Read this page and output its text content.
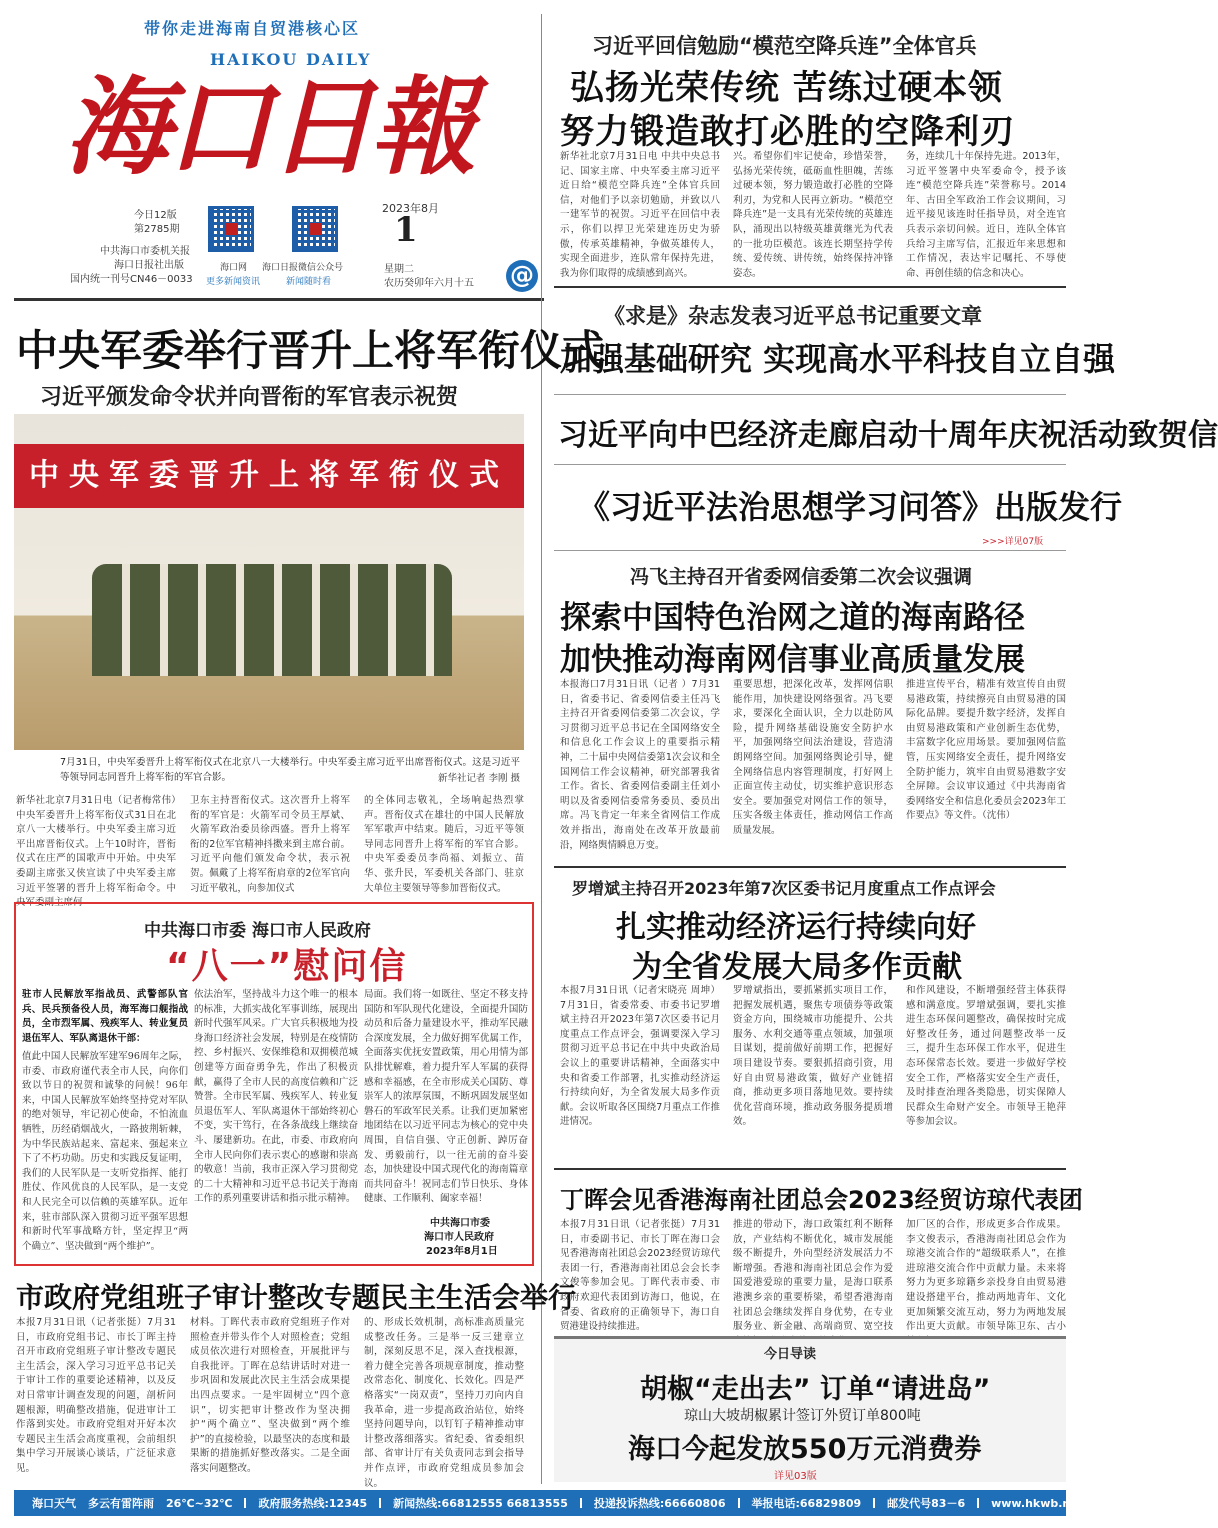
带你走进海南自贸港核心区
HAIKOU DAILY
海口日報
今日12版
第2785期
中共海口市委机关报
海口日报社出版
国内统一刊号CN46－0033
海口网
更多新闻资讯
海口日报微信公众号
新闻随时看
2023年8月
1
星期二
农历癸卯年六月十五 @
习近平回信勉励“模范空降兵连”全体官兵
弘扬光荣传统 苦练过硬本领
努力锻造敢打必胜的空降利刃
新华社北京7月31日电 中共中央总书记、国家主席、中央军委主席习近平近日给“模范空降兵连”全体官兵回信，对他们予以亲切勉励，并致以八一建军节的祝贺。习近平在回信中表示，你们以捍卫光荣建连历史为骄傲，传承英雄精神，争做英雄传人，实现全面进步，连队常年保持先进，我为你们取得的成绩感到高兴。
兴。希望你们牢记使命，珍惜荣誉，弘扬光荣传统，砥砺血性胆魄，苦练过硬本领，努力锻造敢打必胜的空降利刃，为党和人民再立新功。“模范空降兵连”是一支具有光荣传统的英雄连队，涌现出以特级英雄黄继光为代表的一批功臣模范。该连长期坚持学传统、爱传统、讲传统，始终保持冲锋姿态。
务，连续几十年保持先进。2013年，习近平签署中央军委命令，授予该连“模范空降兵连”荣誉称号。2014年、古田全军政治工作会议期间，习近平接见该连时任指导员，对全连官兵表示亲切问候。近日，连队全体官兵给习主席写信，汇报近年来思想和工作情况，表达牢记嘱托、不辱使命、再创佳绩的信念和决心。
中央军委举行晋升上将军衔仪式
习近平颁发命令状并向晋衔的军官表示祝贺
中央军委晋升上将军衔仪式
7月31日，中央军委晋升上将军衔仪式在北京八一大楼举行。中央军委主席习近平出席晋衔仪式。这是习近平等领导同志同晋升上将军衔的军官合影。	新华社记者 李刚 摄
新华社北京7月31日电（记者梅常伟）中央军委晋升上将军衔仪式31日在北京八一大楼举行。中央军委主席习近平出席晋衔仪式。上午10时许，晋衔仪式在庄严的国歌声中开始。中央军委副主席张又侠宣读了中央军委主席习近平签署的晋升上将军衔命令。中央军委副主席何
卫东主持晋衔仪式。这次晋升上将军衔的军官是：火箭军司令员王厚斌、火箭军政治委员徐西盛。晋升上将军衔的2位军官精神抖擞来到主席台前。习近平向他们颁发命令状，表示祝贺。佩戴了上将军衔肩章的2位军官向习近平敬礼，向参加仪式
的全体同志敬礼，全场响起热烈掌声。晋衔仪式在雄壮的中国人民解放军军歌声中结束。随后，习近平等领导同志同晋升上将军衔的军官合影。中央军委委员李尚福、刘振立、苗华、张升民，军委机关各部门、驻京大单位主要领导等参加晋衔仪式。
中共海口市委 海口市人民政府
“八一”慰问信
驻市人民解放军指战员、武警部队官兵、民兵预备役人员，海军海口舰指战员，全市烈军属、残疾军人、转业复员退伍军人、军队离退休干部：
值此中国人民解放军建军96周年之际，市委、市政府谨代表全市人民，向你们致以节日的祝贺和诚挚的问候！96年来，中国人民解放军始终坚持党对军队的绝对领导，牢记初心使命，不怕流血牺牲，历经硝烟战火，一路披荆斩棘，为中华民族站起来、富起来、强起来立下了不朽功勋。历史和实践反复证明，我们的人民军队是一支听党指挥、能打胜仗、作风优良的人民军队，是一支党和人民完全可以信赖的英雄军队。近年来，驻市部队深入贯彻习近平强军思想和新时代军事战略方针，坚定捍卫“两个确立”、坚决做到“两个维护”。
依法治军，坚持战斗力这个唯一的根本的标准，大抓实战化军事训练，展现出新时代强军风采。广大官兵积极地为投身海口经济社会发展，特别是在疫情防控、乡村振兴、安保维稳和双拥模范城创建等方面奋勇争先，作出了积极贡献，赢得了全市人民的高度信赖和广泛赞誉。全市民军属、残疾军人、转业复员退伍军人、军队离退休干部始终初心不变，实干笃行，在各条战线上继续奋斗、屡建新功。在此，市委、市政府向全市人民向你们表示衷心的感谢和崇高的敬意！当前，我市正深入学习贯彻党的二十大精神和习近平总书记关于海南工作的系列重要讲话和指示批示精神。
局面。我们将一如既往、坚定不移支持国防和军队现代化建设，全面提升国防动员和后备力量建设水平，推动军民融合深度发展，全力做好拥军优属工作，全面落实优抚安置政策，用心用情为部队排忧解难，着力提升军人军属的获得感和幸福感，在全市形成关心国防、尊崇军人的浓厚氛围，不断巩固发展坚如磐石的军政军民关系。让我们更加紧密地团结在以习近平同志为核心的党中央周围，自信自强、守正创新、踔厉奋发、勇毅前行，以一往无前的奋斗姿态，加快建设中国式现代化的海南篇章而共同奋斗！祝同志们节日快乐、身体健康、工作顺利、阖家幸福！
中共海口市委
海口市人民政府
2023年8月1日
市政府党组班子审计整改专题民主生活会举行
本报7月31日讯（记者张挺）7月31日，市政府党组书记、市长丁晖主持召开市政府党组班子审计整改专题民主生活会，深入学习习近平总书记关于审计工作的重要论述精神，以及反对日常审计调查发现的问题，剖析问题根源，明确整改措施，促进审计工作落到实处。市政府党组对开好本次专题民主生活会高度重视，会前组织集中学习开展谈心谈话，广泛征求意见。
材料。丁晖代表市政府党组班子作对照检查并带头作个人对照检查；党组成员依次进行对照检查，开展批评与自我批评。丁晖在总结讲话时对进一步巩固和发展此次民主生活会成果提出四点要求。一是牢固树立“四个意识”，切实把审计整改作为坚决拥护“两个确立”、坚决做到“两个维护”的直接检验，以最坚决的态度和最果断的措施抓好整改落实。二是全面落实问题整改。
的、形成长效机制，高标准高质量完成整改任务。三是举一反三建章立制，深刻反思不足，深入查找根源，着力健全完善各项规章制度，推动整改常态化、制度化、长效化。四是严格落实“一岗双责”，坚持刀刃向内自我革命，进一步提高政治站位，始终坚持问题导向，以钉钉子精神推动审计整改落细落实。省纪委、省委组织部、省审计厅有关负责同志到会指导并作点评，市政府党组成员参加会议。
《求是》杂志发表习近平总书记重要文章
加强基础研究 实现高水平科技自立自强
习近平向中巴经济走廊启动十周年庆祝活动致贺信
《习近平法治思想学习问答》出版发行
>>>详见07版
冯飞主持召开省委网信委第二次会议强调
探索中国特色治网之道的海南路径
加快推动海南网信事业高质量发展
本报海口7月31日讯（记者 ）7月31日，省委书记、省委网信委主任冯飞主持召开省委网信委第二次会议，学习贯彻习近平总书记在全国网络安全和信息化工作会议上的重要指示精神，二十届中央网信委第1次会议和全国网信工作会议精神，研究部署我省工作。省长、省委网信委副主任刘小明以及省委网信委常务委员、委员出席。冯飞肯定一年来全省网信工作成效并指出，海南处在改革开放最前沿，网络舆情瞬息万变。
重要思想，把深化改革，发挥网信职能作用，加快建设网络强省。冯飞要求，要深化全面认识，全力以赴防风险，提升网络基础设施安全防护水平，加强网络空间法治建设，营造清朗网络空间。加强网络舆论引导，健全网络信息内容管理制度，打好网上正面宣传主动仗，切实维护意识形态安全。要加强党对网信工作的领导，压实各级主体责任，推动网信工作高质量发展。
推进宣传平台，精准有效宣传自由贸易港政策，持续擦亮自由贸易港的国际化品牌。要提升数字经济，发挥自由贸易港政策和产业创新生态优势，丰富数字化应用场景。要加强网信监管，压实网络安全责任，提升网络安全防护能力，筑牢自由贸易港数字安全屏障。会议审议通过《中共海南省委网络安全和信息化委员会2023年工作要点》等文件。（沈伟）
罗增斌主持召开2023年第7次区委书记月度重点工作点评会
扎实推动经济运行持续向好
为全省发展大局多作贡献
本报7月31日讯（记者宋晓亮 周坤）7月31日，省委常委、市委书记罗增斌主持召开2023年第7次区委书记月度重点工作点评会，强调要深入学习贯彻习近平总书记在中共中央政治局会议上的重要讲话精神，全面落实中央和省委工作部署，扎实推动经济运行持续向好，为全省发展大局多作贡献。会议听取各区围绕7月重点工作推进情况。
罗增斌指出，要抓紧抓实项目工作，把握发展机遇，聚焦专项债券等政策资金方向，围绕城市功能提升、公共服务、水利交通等重点领域，加强项目谋划，提前做好前期工作，把握好项目建设节奏。要狠抓招商引资，用好自由贸易港政策，做好产业链招商，推动更多项目落地见效。要持续优化营商环境，推动政务服务提质增效。
和作风建设，不断增强经营主体获得感和满意度。罗增斌强调，要扎实推进生态环保问题整改，确保按时完成好整改任务，通过问题整改举一反三，提升生态环保工作水平，促进生态环保常态长效。要进一步做好学校安全工作，严格落实安全生产责任，及时排查治理各类隐患，切实保障人民群众生命财产安全。市领导王艳萍等参加会议。
丁晖会见香港海南社团总会2023经贸访琼代表团
本报7月31日讯（记者张挺）7月31日，市委副书记、市长丁晖在海口会见香港海南社团总会2023经贸访琼代表团一行，香港海南社团总会会长李文俊等参加会见。丁晖代表市委、市政府欢迎代表团到访海口，他说，在省委、省政府的正确领导下，海口自贸港建设持续推进。
推进的带动下，海口政策红利不断释放，产业结构不断优化，城市发展能级不断提升，外向型经济发展活力不断增强。香港和海南社团总会作为爱国爱港爱琼的重要力量，是海口联系港澳乡亲的重要桥梁，希望香港海南社团总会继续发挥自身优势，在专业服务业、新金融、高端商贸、宽空技
加厂区的合作，形成更多合作成果。李文俊表示，香港海南社团总会作为琼港交流合作的“超级联系人”，在推进琼港交流合作中贡献力量。未来将努力为更多琼籍乡亲投身自由贸易港建设搭建平台，推动两地青年、文化更加频繁交流互动，努力为两地发展作出更大贡献。市领导陈卫东、古小
今日导读
胡椒“走出去” 订单“请进岛”
琼山大坡胡椒累计签订外贸订单800吨
海口今起发放550万元消费券
详见03版
海口天气 多云有雷阵雨 26℃~32℃ 政府服务热线:12345 新闻热线:66812555 66813555 投递投诉热线:66660806 举报电话:66829809 邮发代号83－6 www.hkwb.net
